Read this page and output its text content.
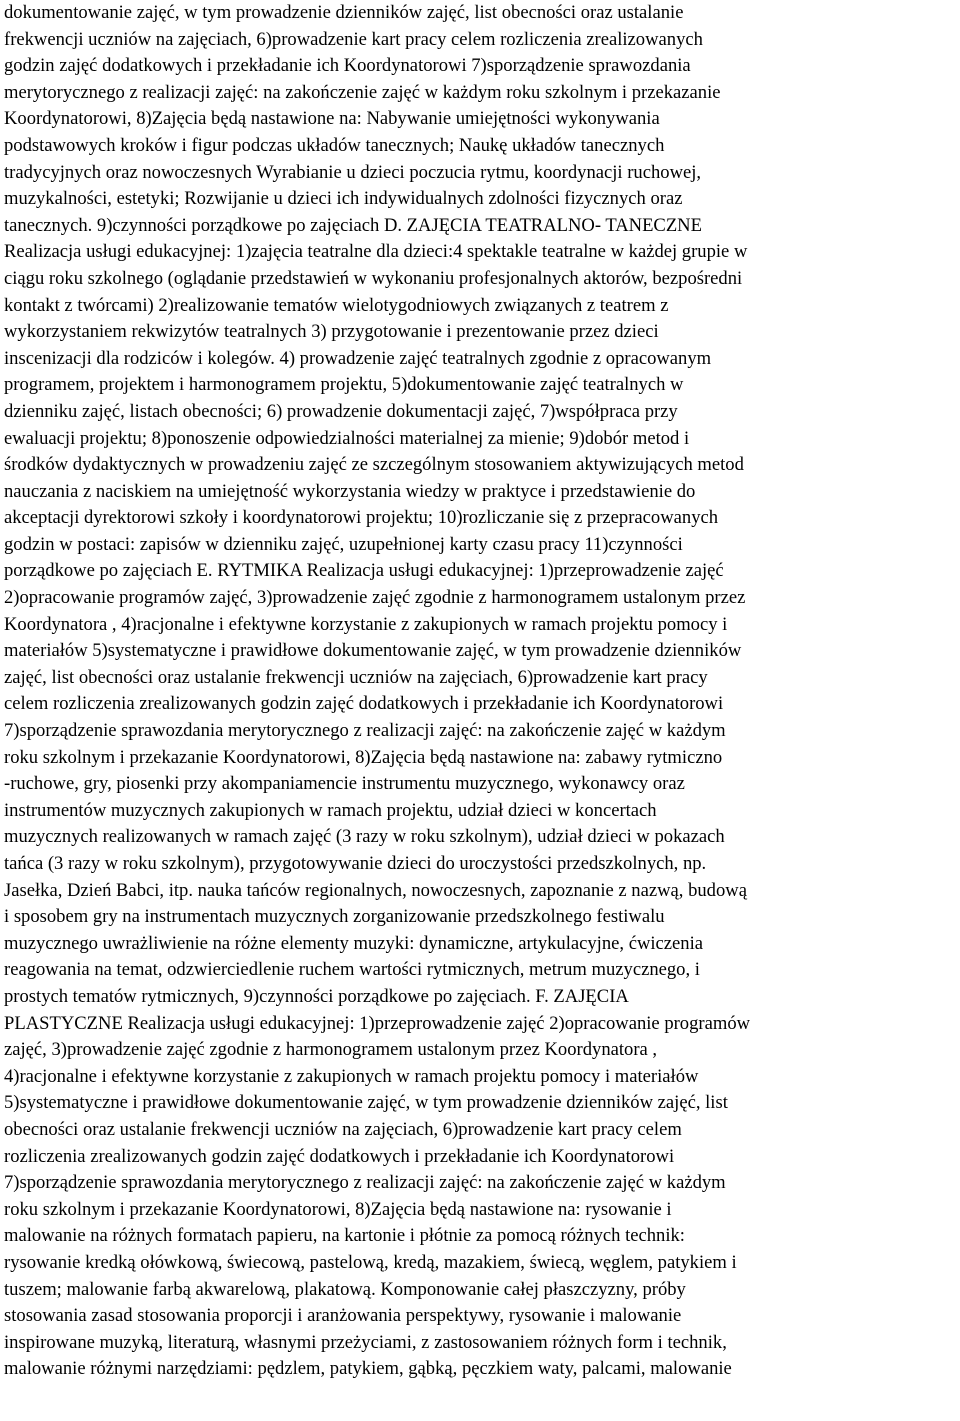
dokumentowanie zajęć, w tym prowadzenie dzienników zajęć, list obecności oraz ustalanie
frekwencji uczniów na zajęciach, 6)prowadzenie kart pracy celem rozliczenia zrealizowanych
godzin zajęć dodatkowych i przekładanie ich Koordynatorowi 7)sporządzenie sprawozdania
merytorycznego z realizacji zajęć: na zakończenie zajęć w każdym roku szkolnym i przekazanie
Koordynatorowi, 8)Zajęcia będą nastawione na: Nabywanie umiejętności wykonywania
podstawowych kroków i figur podczas układów tanecznych; Naukę układów tanecznych
tradycyjnych oraz nowoczesnych Wyrabianie u dzieci poczucia rytmu, koordynacji ruchowej,
muzykalności, estetyki; Rozwijanie u dzieci ich indywidualnych zdolności fizycznych oraz
tanecznych. 9)czynności porządkowe po zajęciach D. ZAJĘCIA TEATRALNO- TANECZNE
Realizacja usługi edukacyjnej: 1)zajęcia teatralne dla dzieci:4 spektakle teatralne w każdej grupie w
ciągu roku szkolnego (oglądanie przedstawień w wykonaniu profesjonalnych aktorów, bezpośredni
kontakt z twórcami) 2)realizowanie tematów wielotygodniowych związanych z teatrem z
wykorzystaniem rekwizytów teatralnych 3) przygotowanie i prezentowanie przez dzieci
inscenizacji dla rodziców i kolegów. 4) prowadzenie zajęć teatralnych zgodnie z opracowanym
programem, projektem i harmonogramem projektu, 5)dokumentowanie zajęć teatralnych w
dzienniku zajęć, listach obecności; 6) prowadzenie dokumentacji zajęć, 7)współpraca przy
ewaluacji projektu; 8)ponoszenie odpowiedzialności materialnej za mienie; 9)dobór metod i
środków dydaktycznych w prowadzeniu zajęć ze szczególnym stosowaniem aktywizujących metod
nauczania z naciskiem na umiejętność wykorzystania wiedzy w praktyce i przedstawienie do
akceptacji dyrektorowi szkoły i koordynatorowi projektu; 10)rozliczanie się z przepracowanych
godzin w postaci: zapisów w dzienniku zajęć, uzupełnionej karty czasu pracy 11)czynności
porządkowe po zajęciach E. RYTMIKA Realizacja usługi edukacyjnej: 1)przeprowadzenie zajęć
2)opracowanie programów zajęć, 3)prowadzenie zajęć zgodnie z harmonogramem ustalonym przez
Koordynatora , 4)racjonalne i efektywne korzystanie z zakupionych w ramach projektu pomocy i
materiałów 5)systematyczne i prawidłowe dokumentowanie zajęć, w tym prowadzenie dzienników
zajęć, list obecności oraz ustalanie frekwencji uczniów na zajęciach, 6)prowadzenie kart pracy
celem rozliczenia zrealizowanych godzin zajęć dodatkowych i przekładanie ich Koordynatorowi
7)sporządzenie sprawozdania merytorycznego z realizacji zajęć: na zakończenie zajęć w każdym
roku szkolnym i przekazanie Koordynatorowi, 8)Zajęcia będą nastawione na: zabawy rytmiczno
-ruchowe, gry, piosenki przy akompaniamencie instrumentu muzycznego, wykonawcy oraz
instrumentów muzycznych zakupionych w ramach projektu, udział dzieci w koncertach
muzycznych realizowanych w ramach zajęć (3 razy w roku szkolnym), udział dzieci w pokazach
tańca (3 razy w roku szkolnym), przygotowywanie dzieci do uroczystości przedszkolnych, np.
Jasełka, Dzień Babci, itp. nauka tańców regionalnych, nowoczesnych, zapoznanie z nazwą, budową
i sposobem gry na instrumentach muzycznych zorganizowanie przedszkolnego festiwalu
muzycznego uwrażliwienie na różne elementy muzyki: dynamiczne, artykulacyjne, ćwiczenia
reagowania na temat, odzwierciedlenie ruchem wartości rytmicznych, metrum muzycznego, i
prostych tematów rytmicznych, 9)czynności porządkowe po zajęciach. F. ZAJĘCIA
PLASTYCZNE Realizacja usługi edukacyjnej: 1)przeprowadzenie zajęć 2)opracowanie programów
zajęć, 3)prowadzenie zajęć zgodnie z harmonogramem ustalonym przez Koordynatora ,
4)racjonalne i efektywne korzystanie z zakupionych w ramach projektu pomocy i materiałów
5)systematyczne i prawidłowe dokumentowanie zajęć, w tym prowadzenie dzienników zajęć, list
obecności oraz ustalanie frekwencji uczniów na zajęciach, 6)prowadzenie kart pracy celem
rozliczenia zrealizowanych godzin zajęć dodatkowych i przekładanie ich Koordynatorowi
7)sporządzenie sprawozdania merytorycznego z realizacji zajęć: na zakończenie zajęć w każdym
roku szkolnym i przekazanie Koordynatorowi, 8)Zajęcia będą nastawione na: rysowanie i
malowanie na różnych formatach papieru, na kartonie i płótnie za pomocą różnych technik:
rysowanie kredką ołówkową, świecową, pastelową, kredą, mazakiem, świecą, węglem, patykiem i
tuszem; malowanie farbą akwarelową, plakatową. Komponowanie całej płaszczyzny, próby
stosowania zasad stosowania proporcji i aranżowania perspektywy, rysowanie i malowanie
inspirowane muzyką, literaturą, własnymi przeżyciami, z zastosowaniem różnych form i technik,
malowanie różnymi narzędziami: pędzlem, patykiem, gąbką, pęczkiem waty, palcami, malowanie
